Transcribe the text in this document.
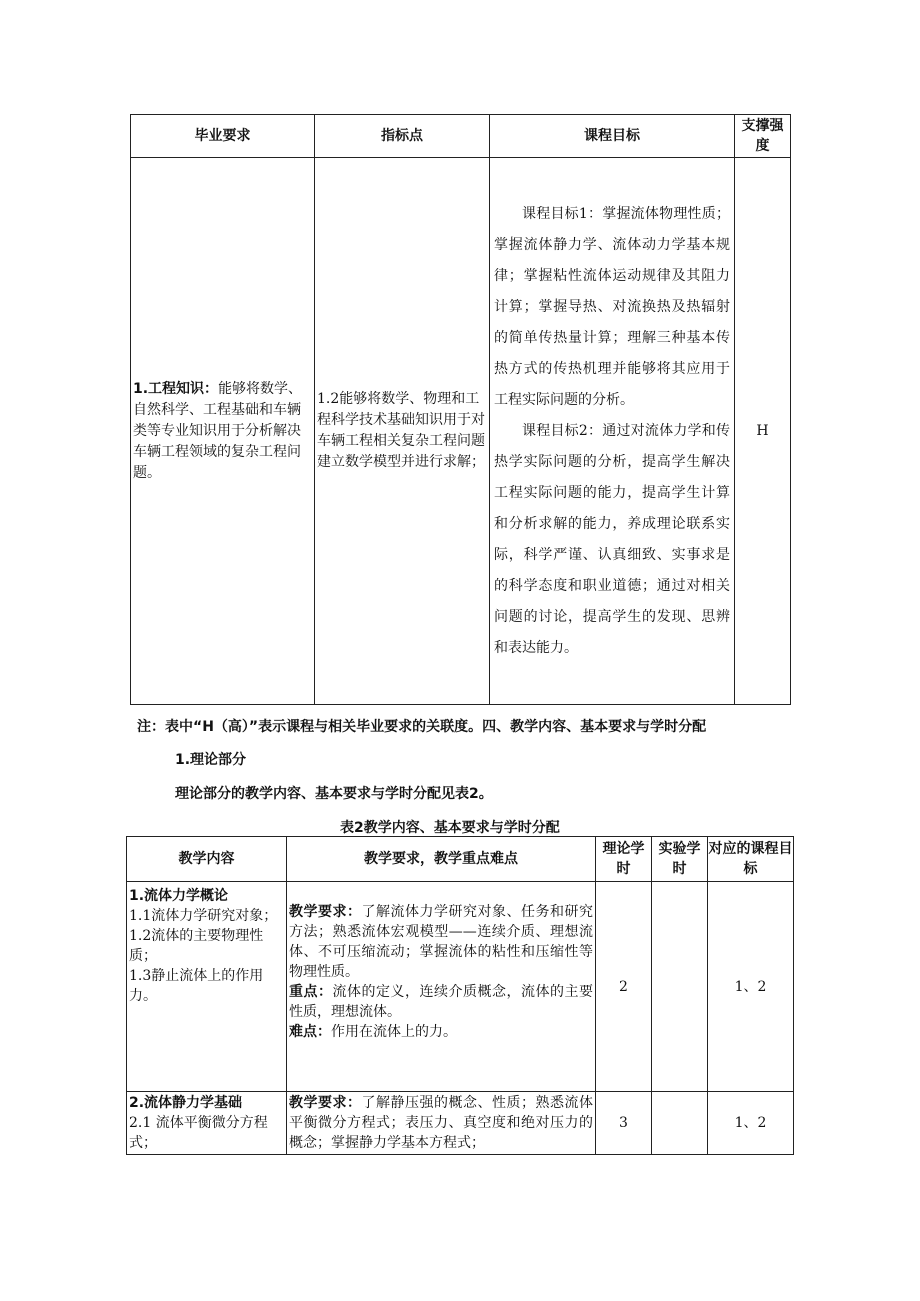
毕业要求	指标点	课程目标	支撑强度
1.工程知识：能够将数学、自然科学、工程基础和车辆类等专业知识用于分析解决车辆工程领域的复杂工程问题。	1.2能够将数学、物理和工程科学技术基础知识用于对车辆工程相关复杂工程问题建立数学模型并进行求解；	课程目标1：掌握流体物理性质；掌握流体静力学、流体动力学基本规律；掌握粘性流体运动规律及其阻力计算；掌握导热、对流换热及热辐射的简单传热量计算；理解三种基本传热方式的传热机理并能够将其应用于工程实际问题的分析。

课程目标2：通过对流体力学和传热学实际问题的分析，提高学生解决工程实际问题的能力，提高学生计算和分析求解的能力，养成理论联系实际，科学严谨、认真细致、实事求是的科学态度和职业道德；通过对相关问题的讨论，提高学生的发现、思辨和表达能力。	H
注：表中“H（高）”表示课程与相关毕业要求的关联度。四、教学内容、基本要求与学时分配
1.理论部分
理论部分的教学内容、基本要求与学时分配见表2。
表2教学内容、基本要求与学时分配
教学内容	教学要求，教学重点难点	理论学时	实验学时	对应的课程目标

1.流体力学概论
1.1流体力学研究对象；
1.2流体的主要物理性质；
1.3静止流体上的作用力。	教学要求：了解流体力学研究对象、任务和研究方法；熟悉流体宏观模型——连续介质、理想流体、不可压缩流动；掌握流体的粘性和压缩性等物理性质。
重点：流体的定义，连续介质概念，流体的主要性质，理想流体。
难点：作用在流体上的力。	2		1、2

2.流体静力学基础
2.1 流体平衡微分方程式；	教学要求：了解静压强的概念、性质；熟悉流体平衡微分方程式；表压力、真空度和绝对压力的概念；掌握静力学基本方程式；	3		1、2
